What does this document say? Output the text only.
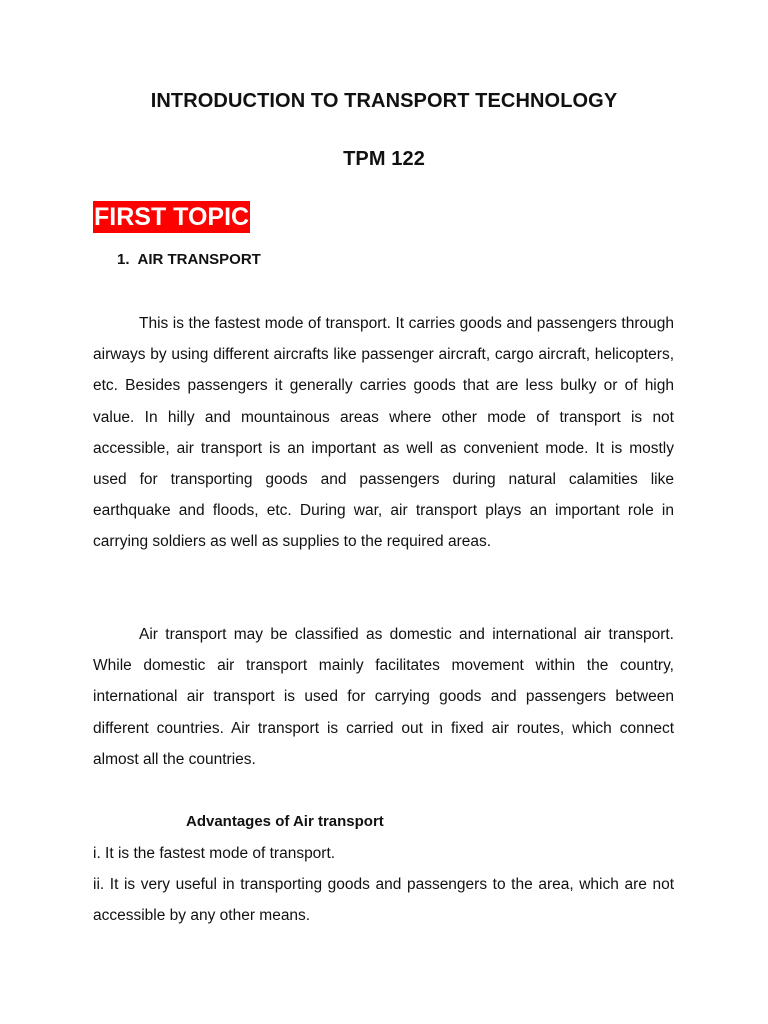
INTRODUCTION TO TRANSPORT TECHNOLOGY
TPM 122
FIRST TOPIC
1. AIR TRANSPORT

This is the fastest mode of transport. It carries goods and passengers through airways by using different aircrafts like passenger aircraft, cargo aircraft, helicopters, etc. Besides passengers it generally carries goods that are less bulky or of high value. In hilly and mountainous areas where other mode of transport is not accessible, air transport is an important as well as convenient mode. It is mostly used for transporting goods and passengers during natural calamities like earthquake and floods, etc. During war, air transport plays an important role in carrying soldiers as well as supplies to the required areas.

Air transport may be classified as domestic and international air transport. While domestic air transport mainly facilitates movement within the country, international air transport is used for carrying goods and passengers between different countries. Air transport is carried out in fixed air routes, which connect almost all the countries.

Advantages of Air transport
i. It is the fastest mode of transport.
ii. It is very useful in transporting goods and passengers to the area, which are not accessible by any other means.
